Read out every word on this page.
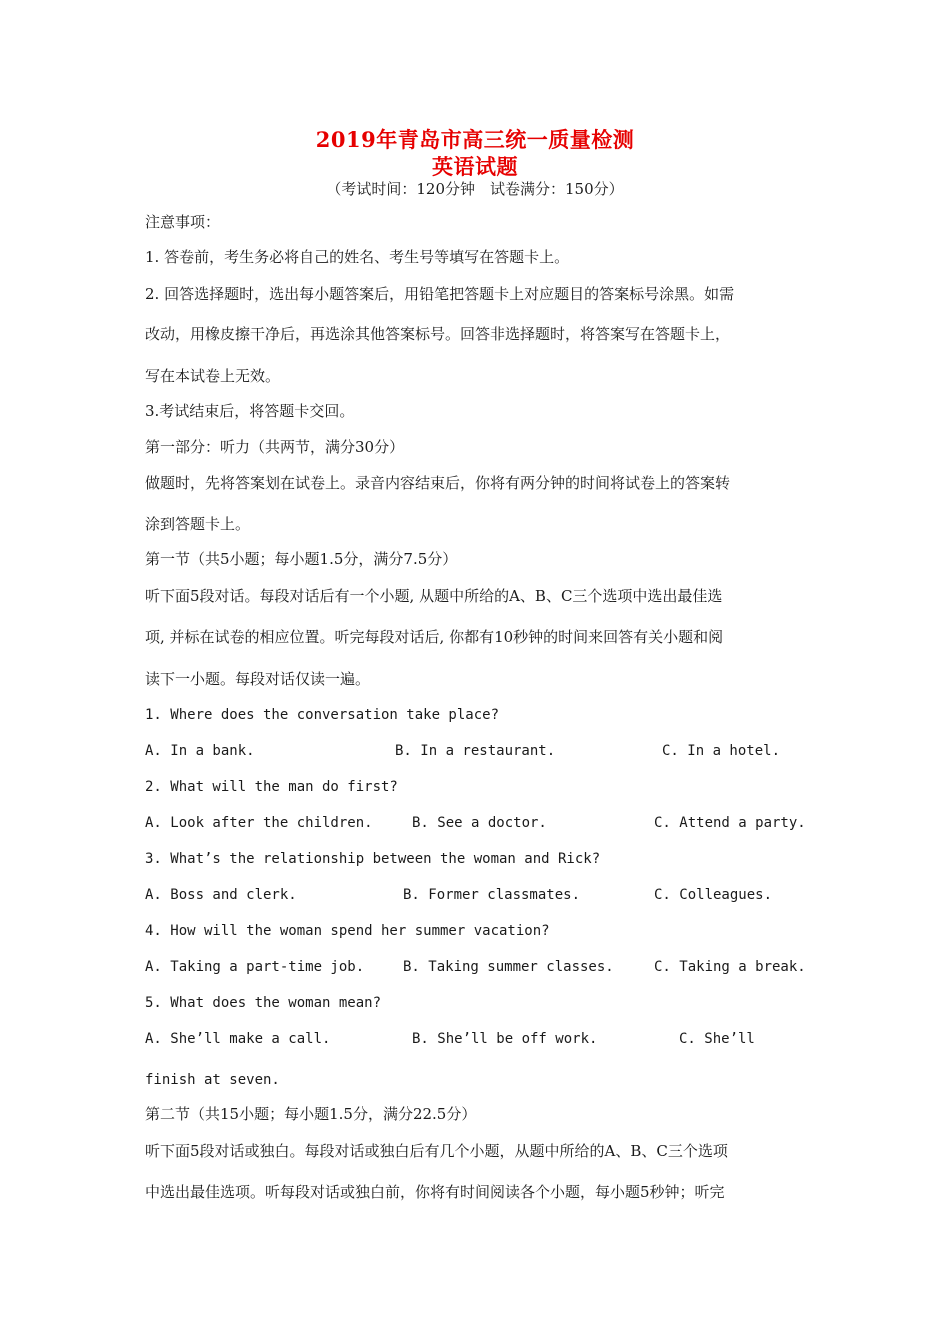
2019年青岛市高三统一质量检测
英语试题
（考试时间：120分钟　试卷满分：150分）
注意事项：
1. 答卷前，考生务必将自己的姓名、考生号等填写在答题卡上。
2. 回答选择题时，选出每小题答案后，用铅笔把答题卡上对应题目的答案标号涂黑。如需
改动，用橡皮擦干净后，再选涂其他答案标号。回答非选择题时，将答案写在答题卡上，
写在本试卷上无效。
3.考试结束后，将答题卡交回。
第一部分：听力（共两节，满分30分）
做题时，先将答案划在试卷上。录音内容结束后，你将有两分钟的时间将试卷上的答案转
涂到答题卡上。
第一节（共5小题；每小题1.5分，满分7.5分）
听下面5段对话。每段对话后有一个小题, 从题中所给的A、B、C三个选项中选出最佳选
项, 并标在试卷的相应位置。听完每段对话后, 你都有10秒钟的时间来回答有关小题和阅
读下一小题。每段对话仅读一遍。
1. Where does the conversation take place?
A. In a bank.	B. In a restaurant.	C. In a hotel.
2. What will the man do first?
A. Look after the children.	B. See a doctor.	C. Attend a party.
3. What’s the relationship between the woman and Rick?
A. Boss and clerk.	B. Former classmates.	C. Colleagues.
4. How will the woman spend her summer vacation?
A. Taking a part-time job.	B. Taking summer classes.	C. Taking a break.
5. What does the woman mean?
A. She’ll make a call.	B. She’ll be off work.	C. She’ll
finish at seven.
第二节（共15小题；每小题1.5分，满分22.5分）
听下面5段对话或独白。每段对话或独白后有几个小题，从题中所给的A、B、C三个选项
中选出最佳选项。听每段对话或独白前，你将有时间阅读各个小题，每小题5秒钟；听完
